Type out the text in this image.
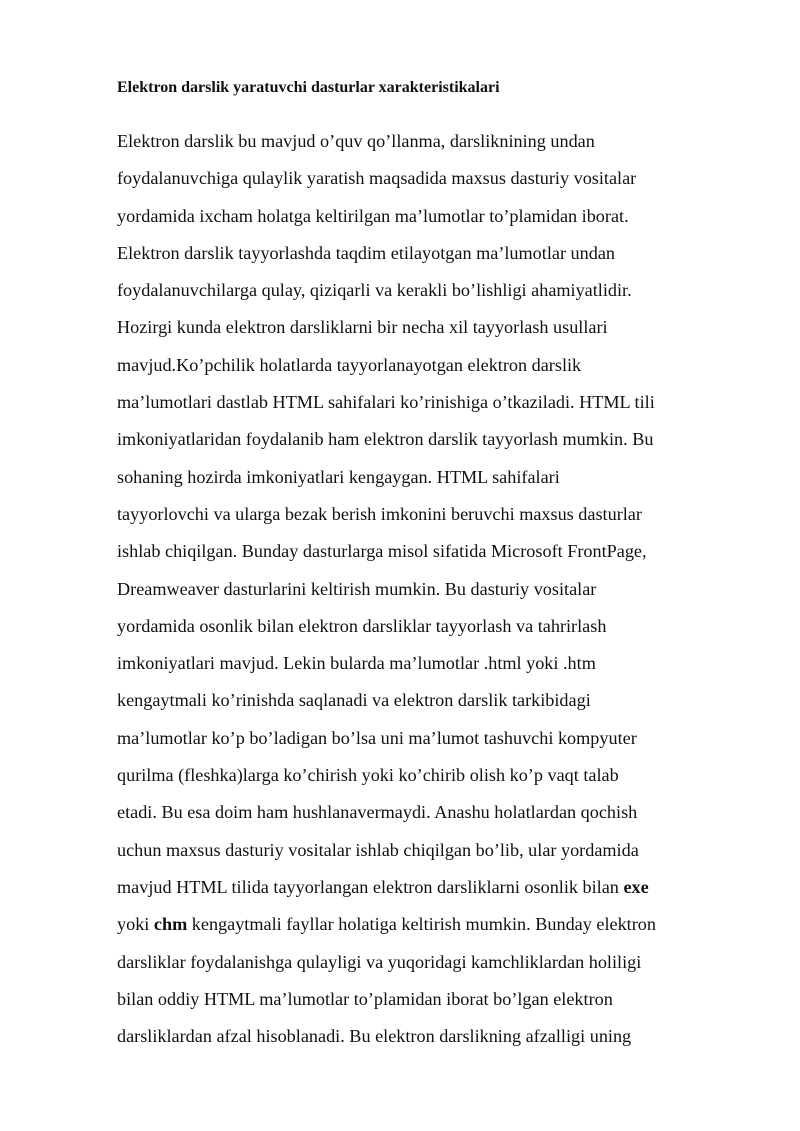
Elektron darslik yaratuvchi dasturlar xarakteristikalari
Elektron darslik bu mavjud o’quv qo’llanma, darsliknining undan
foydalanuvchiga qulaylik yaratish maqsadida maxsus dasturiy vositalar
yordamida ixcham holatga keltirilgan ma’lumotlar to’plamidan iborat.
Elektron darslik tayyorlashda taqdim etilayotgan ma’lumotlar undan
foydalanuvchilarga qulay, qiziqarli va kerakli bo’lishligi ahamiyatlidir.
Hozirgi kunda elektron darsliklarni bir necha xil tayyorlash usullari
mavjud.Ko’pchilik holatlarda tayyorlanayotgan elektron darslik
ma’lumotlari dastlab HTML sahifalari ko’rinishiga o’tkaziladi. HTML tili
imkoniyatlaridan foydalanib ham elektron darslik tayyorlash mumkin. Bu
sohaning hozirda imkoniyatlari kengaygan. HTML sahifalari
tayyorlovchi va ularga bezak berish imkonini beruvchi maxsus dasturlar
ishlab chiqilgan. Bunday dasturlarga misol sifatida Microsoft FrontPage,
Dreamweaver dasturlarini keltirish mumkin. Bu dasturiy vositalar
yordamida osonlik bilan elektron darsliklar tayyorlash va tahrirlash
imkoniyatlari mavjud. Lekin bularda ma’lumotlar .html yoki .htm
kengaytmali ko’rinishda saqlanadi va elektron darslik tarkibidagi
ma’lumotlar ko’p bo’ladigan bo’lsa uni ma’lumot tashuvchi kompyuter
qurilma (fleshka)larga ko’chirish yoki ko’chirib olish ko’p vaqt talab
etadi. Bu esa doim ham hushlanavermaydi. Anashu holatlardan qochish
uchun maxsus dasturiy vositalar ishlab chiqilgan bo’lib, ular yordamida
mavjud HTML tilida tayyorlangan elektron darsliklarni osonlik bilan exe
yoki chm kengaytmali fayllar holatiga keltirish mumkin. Bunday elektron
darsliklar foydalanishga qulayligi va yuqoridagi kamchliklardan holiligi
bilan oddiy HTML ma’lumotlar to’plamidan iborat bo’lgan elektron
darsliklardan afzal hisoblanadi. Bu elektron darslikning afzalligi uning
